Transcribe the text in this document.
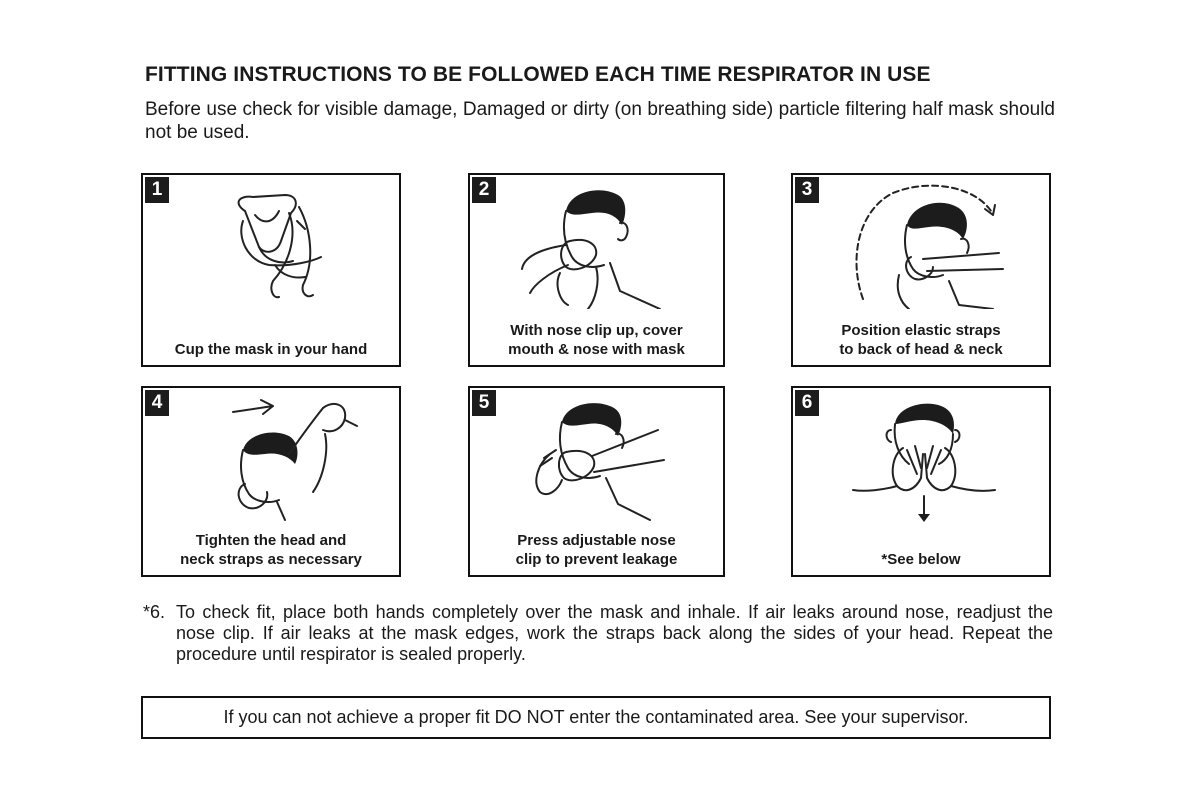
FITTING INSTRUCTIONS TO BE FOLLOWED EACH TIME RESPIRATOR IN USE
Before use check for visible damage, Damaged or dirty (on breathing side) particle filtering half mask should not be used.
1
Cup the mask in your hand
2
With nose clip up, cover
mouth & nose with mask
3
Position elastic straps
to back of head & neck
4
Tighten the head and
neck straps as necessary
5
Press adjustable nose
clip to prevent leakage
6
*See below
*6. To check fit, place both hands completely over the mask and inhale. If air leaks around nose, readjust the nose clip. If air leaks at the mask edges, work the straps back along the sides of your head. Repeat the procedure until respirator is sealed properly.
If you can not achieve a proper fit DO NOT enter the contaminated area. See your supervisor.
